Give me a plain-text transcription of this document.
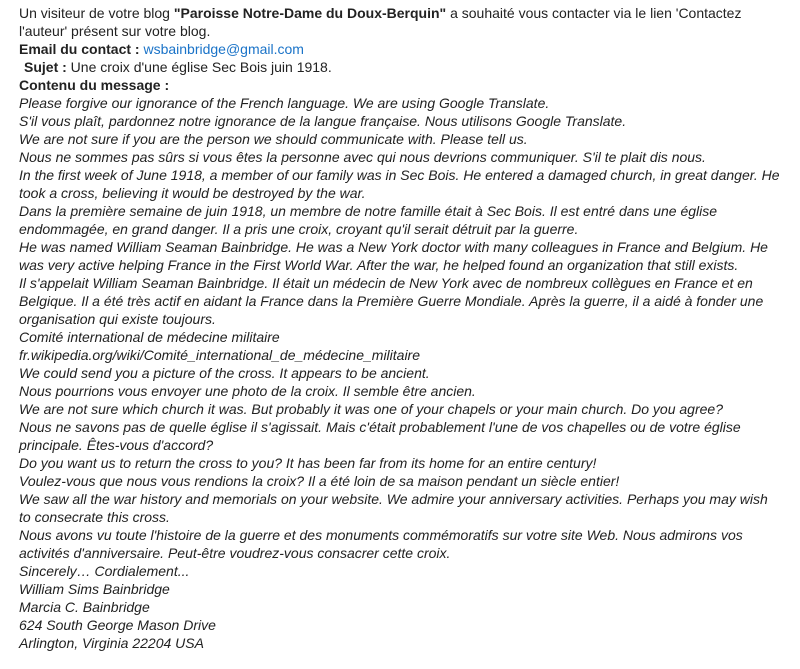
Un visiteur de votre blog "Paroisse Notre-Dame du Doux-Berquin" a souhaité vous contacter via le lien 'Contactez l'auteur' présent sur votre blog.

Email du contact : wsbainbridge@gmail.com

Sujet : Une croix d'une église Sec Bois juin 1918.

Contenu du message :

Please forgive our ignorance of the French language. We are using Google Translate.

S'il vous plaît, pardonnez notre ignorance de la langue française. Nous utilisons Google Translate.

We are not sure if you are the person we should communicate with. Please tell us.

Nous ne sommes pas sûrs si vous êtes la personne avec qui nous devrions communiquer. S'il te plait dis nous.

In the first week of June 1918, a member of our family was in Sec Bois. He entered a damaged church, in great danger. He took a cross, believing it would be destroyed by the war.

Dans la première semaine de juin 1918, un membre de notre famille était à Sec Bois. Il est entré dans une église endommagée, en grand danger. Il a pris une croix, croyant qu'il serait détruit par la guerre.

He was named William Seaman Bainbridge. He was a New York doctor with many colleagues in France and Belgium. He was very active helping France in the First World War. After the war, he helped found an organization that still exists.

Il s'appelait William Seaman Bainbridge. Il était un médecin de New York avec de nombreux collègues en France et en Belgique. Il a été très actif en aidant la France dans la Première Guerre Mondiale. Après la guerre, il a aidé à fonder une organisation qui existe toujours.

Comité international de médecine militaire

fr.wikipedia.org/wiki/Comité_international_de_médecine_militaire

We could send you a picture of the cross. It appears to be ancient.

Nous pourrions vous envoyer une photo de la croix. Il semble être ancien.

We are not sure which church it was. But probably it was one of your chapels or your main church. Do you agree?

Nous ne savons pas de quelle église il s'agissait. Mais c'était probablement l'une de vos chapelles ou de votre église principale. Êtes-vous d'accord?

Do you want us to return the cross to you? It has been far from its home for an entire century!

Voulez-vous que nous vous rendions la croix? Il a été loin de sa maison pendant un siècle entier!

We saw all the war history and memorials on your website. We admire your anniversary activities. Perhaps you may wish to consecrate this cross.

Nous avons vu toute l'histoire de la guerre et des monuments commémoratifs sur votre site Web. Nous admirons vos activités d'anniversaire. Peut-être voudrez-vous consacrer cette croix.

Sincerely… Cordialement...

William Sims Bainbridge

Marcia C. Bainbridge

624 South George Mason Drive

Arlington, Virginia 22204 USA
